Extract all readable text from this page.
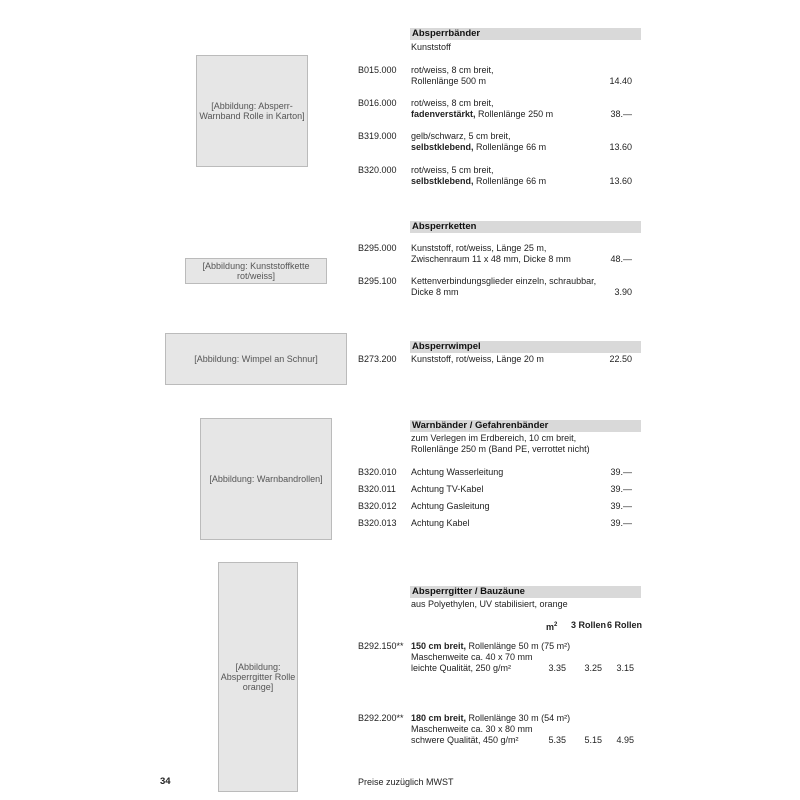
Absperrbänder
Kunststoff
[Abbildung: Absperr-Warnband Rolle in Karton]
B015.000 rot/weiss, 8 cm breit,
Rollenlänge 500 m	14.40
B016.000 rot/weiss, 8 cm breit,
fadenverstärkt, Rollenlänge 250 m	38.—
B319.000 gelb/schwarz, 5 cm breit,
selbstklebend, Rollenlänge 66 m	13.60
B320.000 rot/weiss, 5 cm breit,
selbstklebend, Rollenlänge 66 m	13.60
Absperrketten
[Abbildung: Kunststoffkette rot/weiss]
B295.000 Kunststoff, rot/weiss, Länge 25 m,
Zwischenraum 11 x 48 mm, Dicke 8 mm	48.—
B295.100 Kettenverbindungsglieder einzeln, schraubbar,
Dicke 8 mm	3.90
Absperrwimpel
[Abbildung: Wimpel an Schnur]	B273.200 Kunststoff, rot/weiss, Länge 20 m	22.50
Warnbänder / Gefahrenbänder
zum Verlegen im Erdbereich, 10 cm breit,
Rollenlänge 250 m (Band PE, verrottet nicht)
[Abbildung: Warnbandrollen]
B320.010 Achtung Wasserleitung	39.—
B320.011 Achtung TV-Kabel	39.—
B320.012 Achtung Gasleitung	39.—
B320.013 Achtung Kabel	39.—
Absperrgitter / Bauzäune
aus Polyethylen, UV stabilisiert, orange
[Abbildung: Absperrgitter Rolle orange]
$m^2$ 3 Rollen 6 Rollen
B292.150** 150 cm breit, Rollenlänge 50 m (75 m²)
Maschenweite ca. 40 x 70 mm
leichte Qualität, 250 g/m²	3.35 3.25 3.15
B292.200** 180 cm breit, Rollenlänge 30 m (54 m²)
Maschenweite ca. 30 x 80 mm
schwere Qualität, 450 g/m²	5.35 5.15 4.95
34	Preise zuzüglich MWST
